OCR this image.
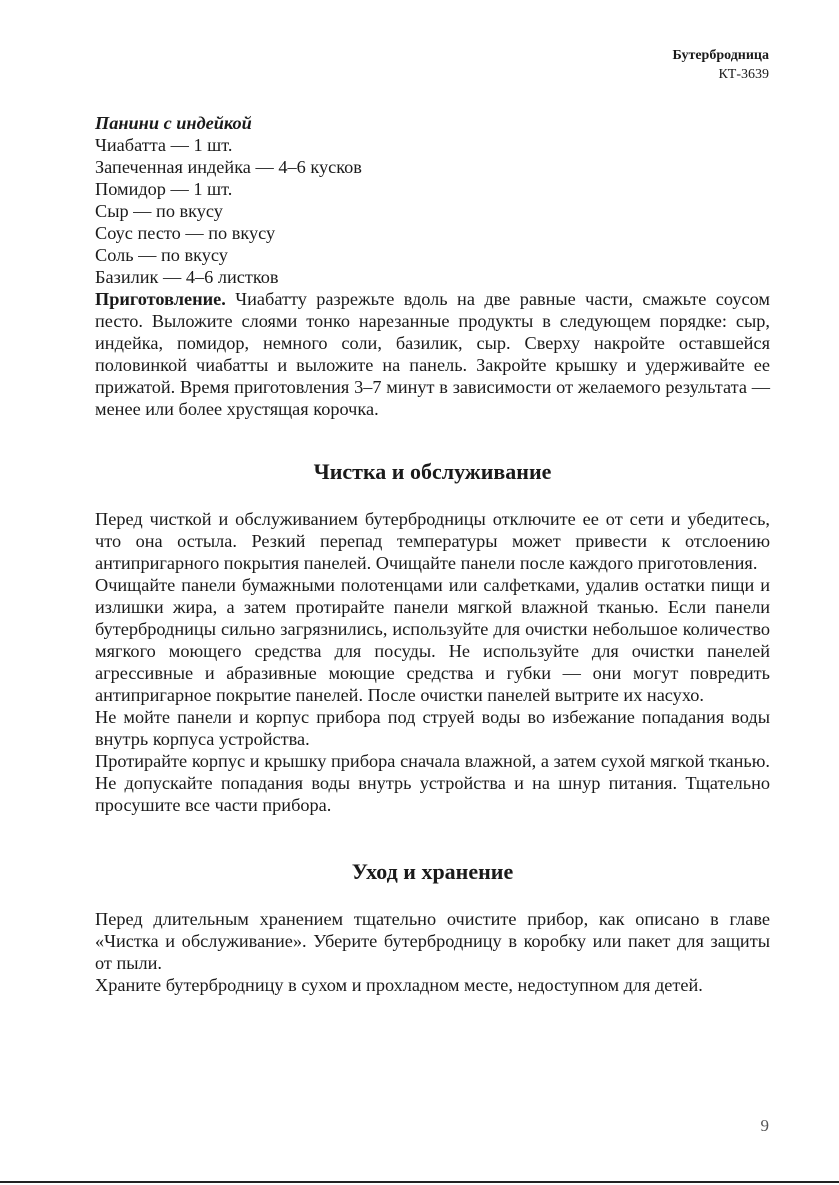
Бутербродница
КТ-3639
Панини с индейкой
Чиабатта — 1 шт.
Запеченная индейка — 4–6 кусков
Помидор — 1 шт.
Сыр — по вкусу
Соус песто — по вкусу
Соль — по вкусу
Базилик — 4–6 листков

Приготовление. Чиабатту разрежьте вдоль на две равные части, смажьте соусом песто. Выложите слоями тонко нарезанные продукты в следующем порядке: сыр, индейка, помидор, немного соли, базилик, сыр. Сверху накройте оставшейся половинкой чиабатты и выложите на панель. Закройте крышку и удерживайте ее прижатой. Время приготовления 3–7 минут в зависимости от желаемого результата — менее или более хрустящая корочка.

Чистка и обслуживание

Перед чисткой и обслуживанием бутербродницы отключите ее от сети и убедитесь, что она остыла. Резкий перепад температуры может привести к отслоению антипригарного покрытия панелей. Очищайте панели после каждого приготовления.

Очищайте панели бумажными полотенцами или салфетками, удалив остатки пищи и излишки жира, а затем протирайте панели мягкой влажной тканью. Если панели бутербродницы сильно загрязнились, используйте для очистки небольшое количество мягкого моющего средства для посуды. Не используйте для очистки панелей агрессивные и абразивные моющие средства и губки — они могут повредить антипригарное покрытие панелей. После очистки панелей вытрите их насухо.

Не мойте панели и корпус прибора под струей воды во избежание попадания воды внутрь корпуса устройства.

Протирайте корпус и крышку прибора сначала влажной, а затем сухой мягкой тканью. Не допускайте попадания воды внутрь устройства и на шнур питания. Тщательно просушите все части прибора.

Уход и хранение

Перед длительным хранением тщательно очистите прибор, как описано в главе «Чистка и обслуживание». Уберите бутербродницу в коробку или пакет для защиты от пыли.

Храните бутербродницу в сухом и прохладном месте, недоступном для детей.

9
